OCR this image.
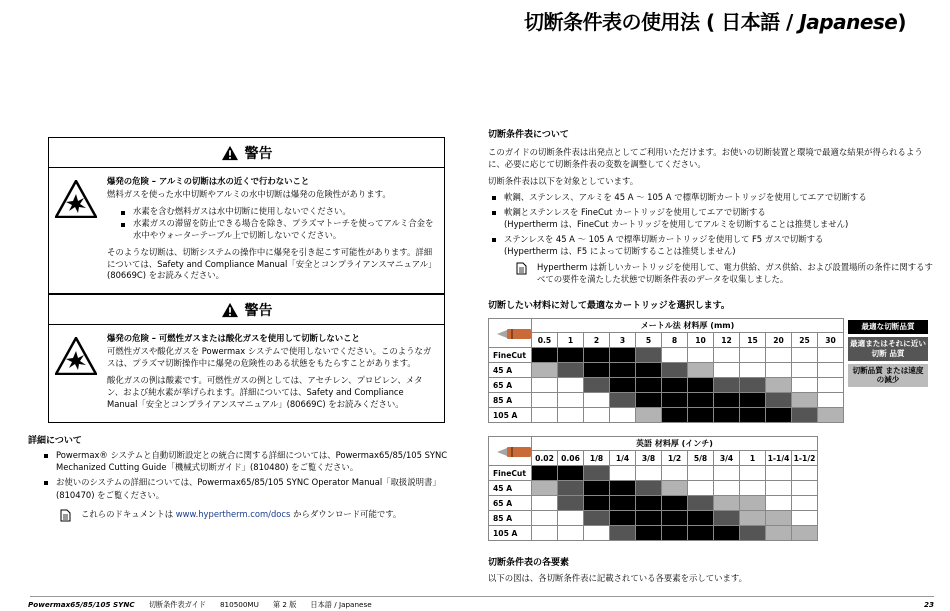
切断条件表の使用法 ( 日本語 / Japanese)
警告
爆発の危険 – アルミの切断は水の近くで行わないこと
燃料ガスを使った水中切断やアルミの水中切断は爆発の危険性があります。
水素を含む燃料ガスは水中切断に使用しないでください。
水素ガスの滞留を防止できる場合を除き、プラズマトーチを使ってアルミ合金を水中やウォーターテーブル上で切断しないでください。
そのような切断は、切断システムの操作中に爆発を引き起こす可能性があります。詳細については、Safety and Compliance Manual「安全とコンプライアンスマニュアル」(80669C) をお読みください。
警告
爆発の危険 – 可燃性ガスまたは酸化ガスを使用して切断しないこと
可燃性ガスや酸化ガスを Powermax システムで使用しないでください。このようなガスは、プラズマ切断操作中に爆発の危険性のある状態をもたらすことがあります。
酸化ガスの例は酸素です。可燃性ガスの例としては、アセチレン、プロピレン、メタン、および純水素が挙げられます。詳細については、Safety and Compliance Manual「安全とコンプライアンスマニュアル」(80669C) をお読みください。
詳細について
Powermax® システムと自動切断設定との統合に関する詳細については、Powermax65/85/105 SYNC Mechanized Cutting Guide「機械式切断ガイド」(810480) をご覧ください。
お使いのシステムの詳細については、Powermax65/85/105 SYNC Operator Manual「取扱説明書」(810470) をご覧ください。
これらのドキュメントは www.hypertherm.com/docs からダウンロード可能です。
切断条件表について
このガイドの切断条件表は出発点としてご利用いただけます。お使いの切断装置と環境で最適な結果が得られるように、必要に応じて切断条件表の変数を調整してください。
切断条件表は以下を対象としています。
軟鋼、ステンレス、アルミを 45 A ～ 105 A で標準切断カートリッジを使用してエアで切断する
軟鋼とステンレスを FineCut カートリッジを使用してエアで切断する
(Hypertherm は、FineCut カートリッジを使用してアルミを切断することは推奨しません)
ステンレスを 45 A ～ 105 A で標準切断カートリッジを使用して F5 ガスで切断する
(Hypertherm は、F5 によって切断することは推奨しません)
Hypertherm は新しいカートリッジを使用して、電力供給、ガス供給、および設置場所の条件に関するすべての要件を満たした状態で切断条件表のデータを収集しました。
切断したい材料に対して最適なカートリッジを選択します。
	メートル法 材料厚 (mm)											
	0.5	1	2	3	5	8	10	12	15	20	25	30
FineCut												
45 A												
65 A												
85 A												
105 A												
	英語 材料厚 (インチ)										
	0.02	0.06	1/8	1/4	3/8	1/2	5/8	3/4	1	1-1/4	1-1/2
FineCut											
45 A											
65 A											
85 A											
105 A											
最適な切断品質
最適またはそれに近い切断 品質
切断品質 または速度の減少
切断条件表の各要素
以下の図は、各切断条件表に記載されている各要素を示しています。
Powermax65/85/105 SYNC 切断条件表ガイド 810500MU 第 2 版 日本語 / Japanese	23
